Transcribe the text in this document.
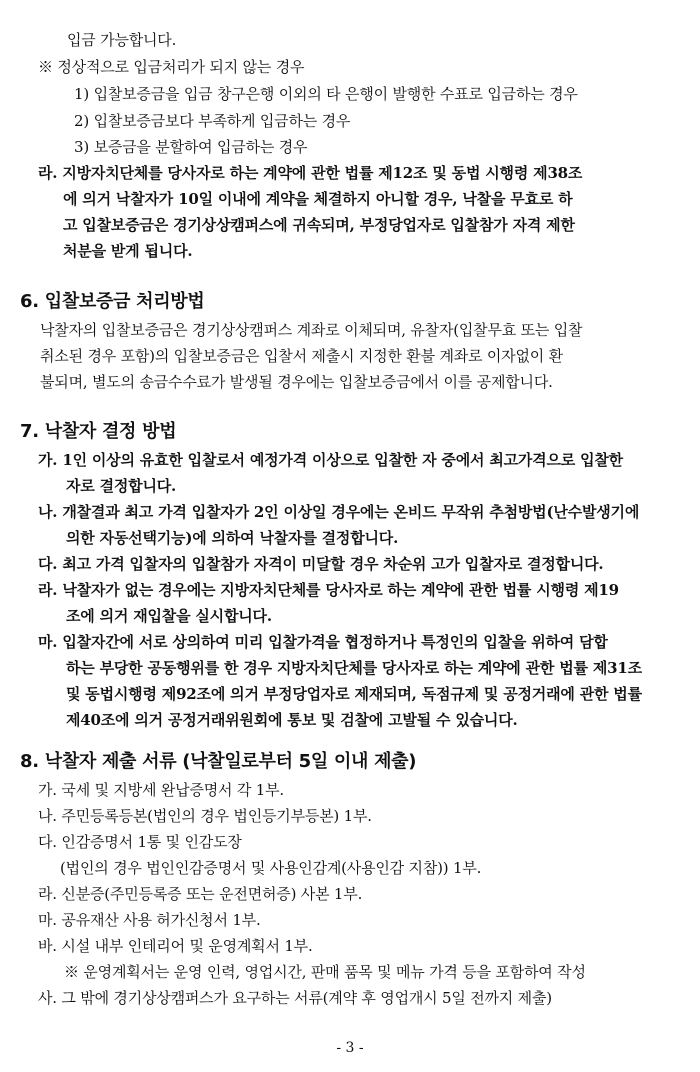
입금 가능합니다.
※ 정상적으로 입금처리가 되지 않는 경우
1) 입찰보증금을 입금 창구은행 이외의 타 은행이 발행한 수표로 입금하는 경우
2) 입찰보증금보다 부족하게 입금하는 경우
3) 보증금을 분할하여 입금하는 경우
라. 지방자치단체를 당사자로 하는 계약에 관한 법률 제12조 및 동법 시행령 제38조
에 의거 낙찰자가 10일 이내에 계약을 체결하지 아니할 경우, 낙찰을 무효로 하
고 입찰보증금은 경기상상캠퍼스에 귀속되며, 부정당업자로 입찰참가 자격 제한
처분을 받게 됩니다.
6. 입찰보증금 처리방법
낙찰자의 입찰보증금은 경기상상캠퍼스 계좌로 이체되며, 유찰자(입찰무효 또는 입찰
취소된 경우 포함)의 입찰보증금은 입찰서 제출시 지정한 환불 계좌로 이자없이 환
불되며, 별도의 송금수수료가 발생될 경우에는 입찰보증금에서 이를 공제합니다.
7. 낙찰자 결정 방법
가. 1인 이상의 유효한 입찰로서 예정가격 이상으로 입찰한 자 중에서 최고가격으로 입찰한
자로 결정합니다.
나. 개찰결과 최고 가격 입찰자가 2인 이상일 경우에는 온비드 무작위 추첨방법(난수발생기에
의한 자동선택기능)에 의하여 낙찰자를 결정합니다.
다. 최고 가격 입찰자의 입찰참가 자격이 미달할 경우 차순위 고가 입찰자로 결정합니다.
라. 낙찰자가 없는 경우에는 지방자치단체를 당사자로 하는 계약에 관한 법률 시행령 제19
조에 의거 재입찰을 실시합니다.
마. 입찰자간에 서로 상의하여 미리 입찰가격을 협정하거나 특정인의 입찰을 위하여 담합
하는 부당한 공동행위를 한 경우 지방자치단체를 당사자로 하는 계약에 관한 법률 제31조
및 동법시행령 제92조에 의거 부정당업자로 제재되며, 독점규제 및 공정거래에 관한 법률
제40조에 의거 공정거래위원회에 통보 및 검찰에 고발될 수 있습니다.
8. 낙찰자 제출 서류 (낙찰일로부터 5일 이내 제출)
가. 국세 및 지방세 완납증명서 각 1부.
나. 주민등록등본(법인의 경우 법인등기부등본) 1부.
다. 인감증명서 1통 및 인감도장
(법인의 경우 법인인감증명서 및 사용인감계(사용인감 지참)) 1부.
라. 신분증(주민등록증 또는 운전면허증) 사본 1부.
마. 공유재산 사용 허가신청서 1부.
바. 시설 내부 인테리어 및 운영계획서 1부.
※ 운영계획서는 운영 인력, 영업시간, 판매 품목 및 메뉴 가격 등을 포함하여 작성
사. 그 밖에 경기상상캠퍼스가 요구하는 서류(계약 후 영업개시 5일 전까지 제출)
- 3 -
